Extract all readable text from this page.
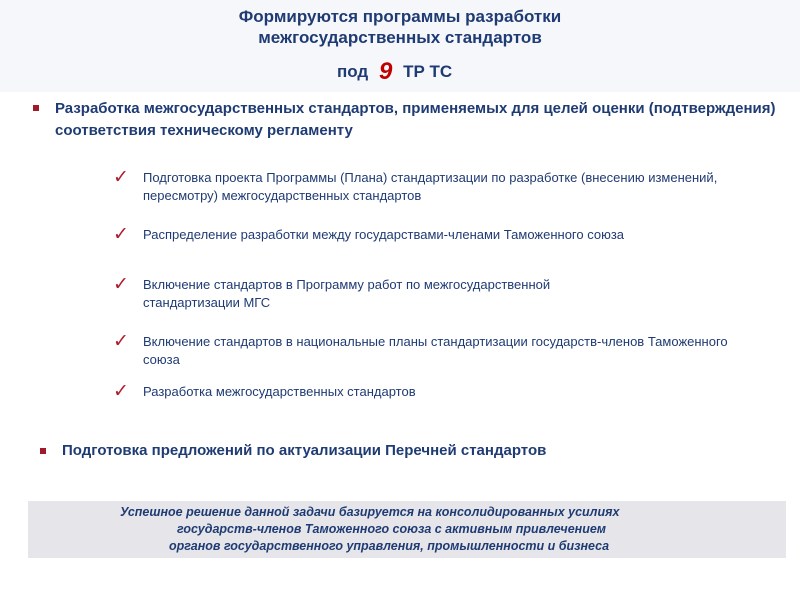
Формируются программы разработки
межгосударственных стандартов
под 9 ТР ТС
Разработка межгосударственных стандартов, применяемых для целей оценки (подтверждения) соответствия техническому регламенту
✓ Подготовка проекта Программы (Плана) стандартизации по разработке (внесению изменений, пересмотру) межгосударственных стандартов
✓ Распределение разработки между государствами-членами Таможенного союза
✓ Включение стандартов в Программу работ по межгосударственной стандартизации МГС
✓ Включение стандартов в национальные планы стандартизации государств-членов Таможенного союза
✓ Разработка межгосударственных стандартов
Подготовка предложений по актуализации Перечней стандартов
Успешное решение данной задачи базируется на консолидированных усилиях
государств-членов Таможенного союза с активным привлечением
органов государственного управления, промышленности и бизнеса
